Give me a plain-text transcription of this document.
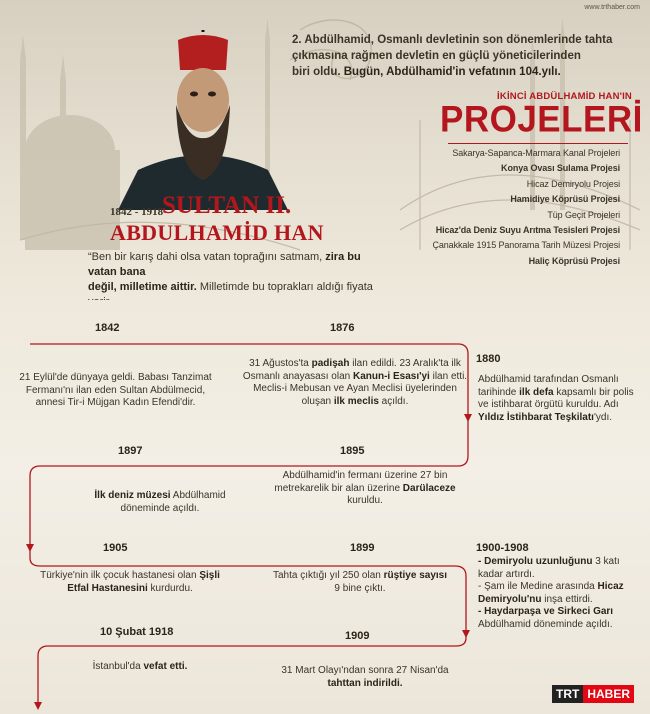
www.trthaber.com
2. Abdülhamid, Osmanlı devletinin son dönemlerinde tahta
çıkmasına rağmen devletin en güçlü yöneticilerinden
biri oldu. Bugün, Abdülhamid'in vefatının 104.yılı.
İKİNCİ ABDÜLHAMİD HAN'IN
PROJELERİ
Sakarya-Sapanca-Marmara Kanal Projeleri
Konya Ovası Sulama Projesi
Hicaz Demiryolu Projesi
Hamidiye Köprüsü Projesi
Tüp Geçit Projeleri
Hicaz'da Deniz Suyu Arıtma Tesisleri Projesi
Çanakkale 1915 Panorama Tarih Müzesi Projesi
Haliç Köprüsü Projesi
1842 - 1918
SULTAN II.
ABDULHAMİD HAN
“Ben bir karış dahi olsa vatan toprağını satmam, zira bu vatan bana
değil, milletime aittir. Milletimde bu toprakları aldığı fiyata

1842
21 Eylül'de dünyaya geldi. Babası Tanzimat Fermanı'nı ilan eden Sultan Abdülmecid, annesi Tir-i Müjgan Kadın Efendi'dir.
1876
31 Ağustos'ta padişah ilan edildi. 23 Aralık'ta ilk Osmanlı anayasası olan Kanun-i Esası'yi ilan etti. Meclis-i Mebusan ve Ayan Meclisi üyelerinden oluşan ilk meclis açıldı.
1880
Abdülhamid tarafından Osmanlı tarihinde ilk defa kapsamlı bir polis ve istihbarat örgütü kuruldu. Adı Yıldız İstihbarat Teşkilatı'ydı.
1895
Abdülhamid'in fermanı üzerine 27 bin metrekarelik bir alan üzerine Darülaceze kuruldu.
1897
İlk deniz müzesi Abdülhamid döneminde açıldı.
1905
Türkiye'nin ilk çocuk hastanesi olan Şişli Etfal Hastanesini kurdurdu.
1899
Tahta çıktığı yıl 250 olan rüştiye sayısı 9 bine çıktı.
1900-1908
- Demiryolu uzunluğunu 3 katı kadar artırdı.
- Şam ile Medine arasında Hicaz Demiryolu'nu inşa ettirdi.
- Haydarpaşa ve Sirkeci Garı Abdülhamid döneminde açıldı.
10 Şubat 1918
İstanbul'da vefat etti.
1909
31 Mart Olayı'ndan sonra 27 Nisan'da tahttan indirildi.
TRT HABER
